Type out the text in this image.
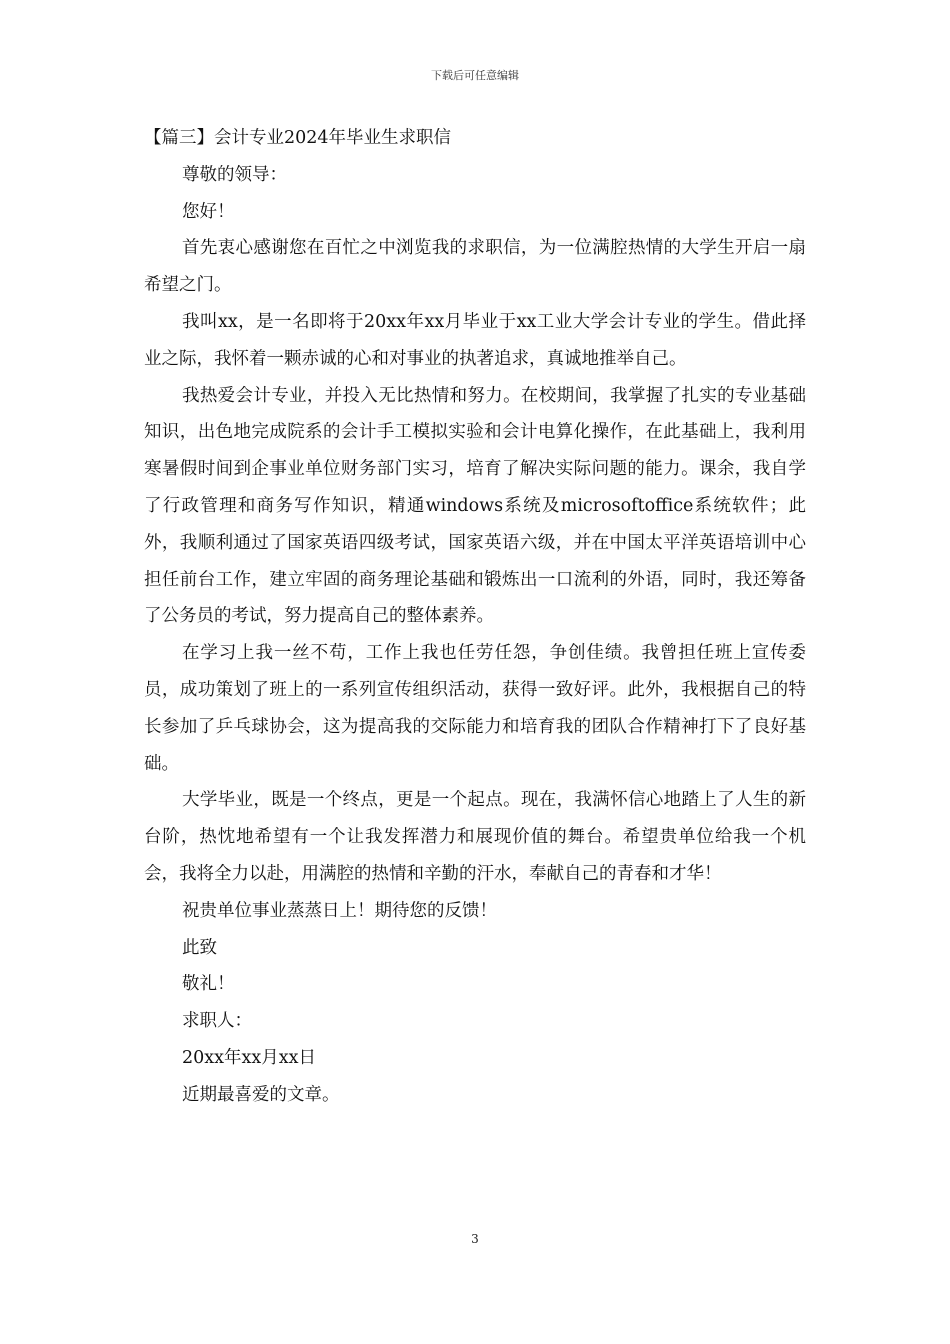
下载后可任意编辑
【篇三】会计专业2024年毕业生求职信
尊敬的领导：
您好！
首先衷心感谢您在百忙之中浏览我的求职信，为一位满腔热情的大学生开启一扇希望之门。
我叫xx，是一名即将于20xx年xx月毕业于xx工业大学会计专业的学生。借此择业之际，我怀着一颗赤诚的心和对事业的执著追求，真诚地推举自己。
我热爱会计专业，并投入无比热情和努力。在校期间，我掌握了扎实的专业基础知识，出色地完成院系的会计手工模拟实验和会计电算化操作，在此基础上，我利用寒暑假时间到企事业单位财务部门实习，培育了解决实际问题的能力。课余，我自学了行政管理和商务写作知识，精通windows系统及microsoftoffice系统软件；此外，我顺利通过了国家英语四级考试，国家英语六级，并在中国太平洋英语培训中心担任前台工作，建立牢固的商务理论基础和锻炼出一口流利的外语，同时，我还筹备了公务员的考试，努力提高自己的整体素养。
在学习上我一丝不苟，工作上我也任劳任怨，争创佳绩。我曾担任班上宣传委员，成功策划了班上的一系列宣传组织活动，获得一致好评。此外，我根据自己的特长参加了乒乓球协会，这为提高我的交际能力和培育我的团队合作精神打下了良好基础。
大学毕业，既是一个终点，更是一个起点。现在，我满怀信心地踏上了人生的新台阶，热忱地希望有一个让我发挥潜力和展现价值的舞台。希望贵单位给我一个机会，我将全力以赴，用满腔的热情和辛勤的汗水，奉献自己的青春和才华！
祝贵单位事业蒸蒸日上！期待您的反馈！
此致
敬礼！
求职人：
20xx年xx月xx日
近期最喜爱的文章。
3
